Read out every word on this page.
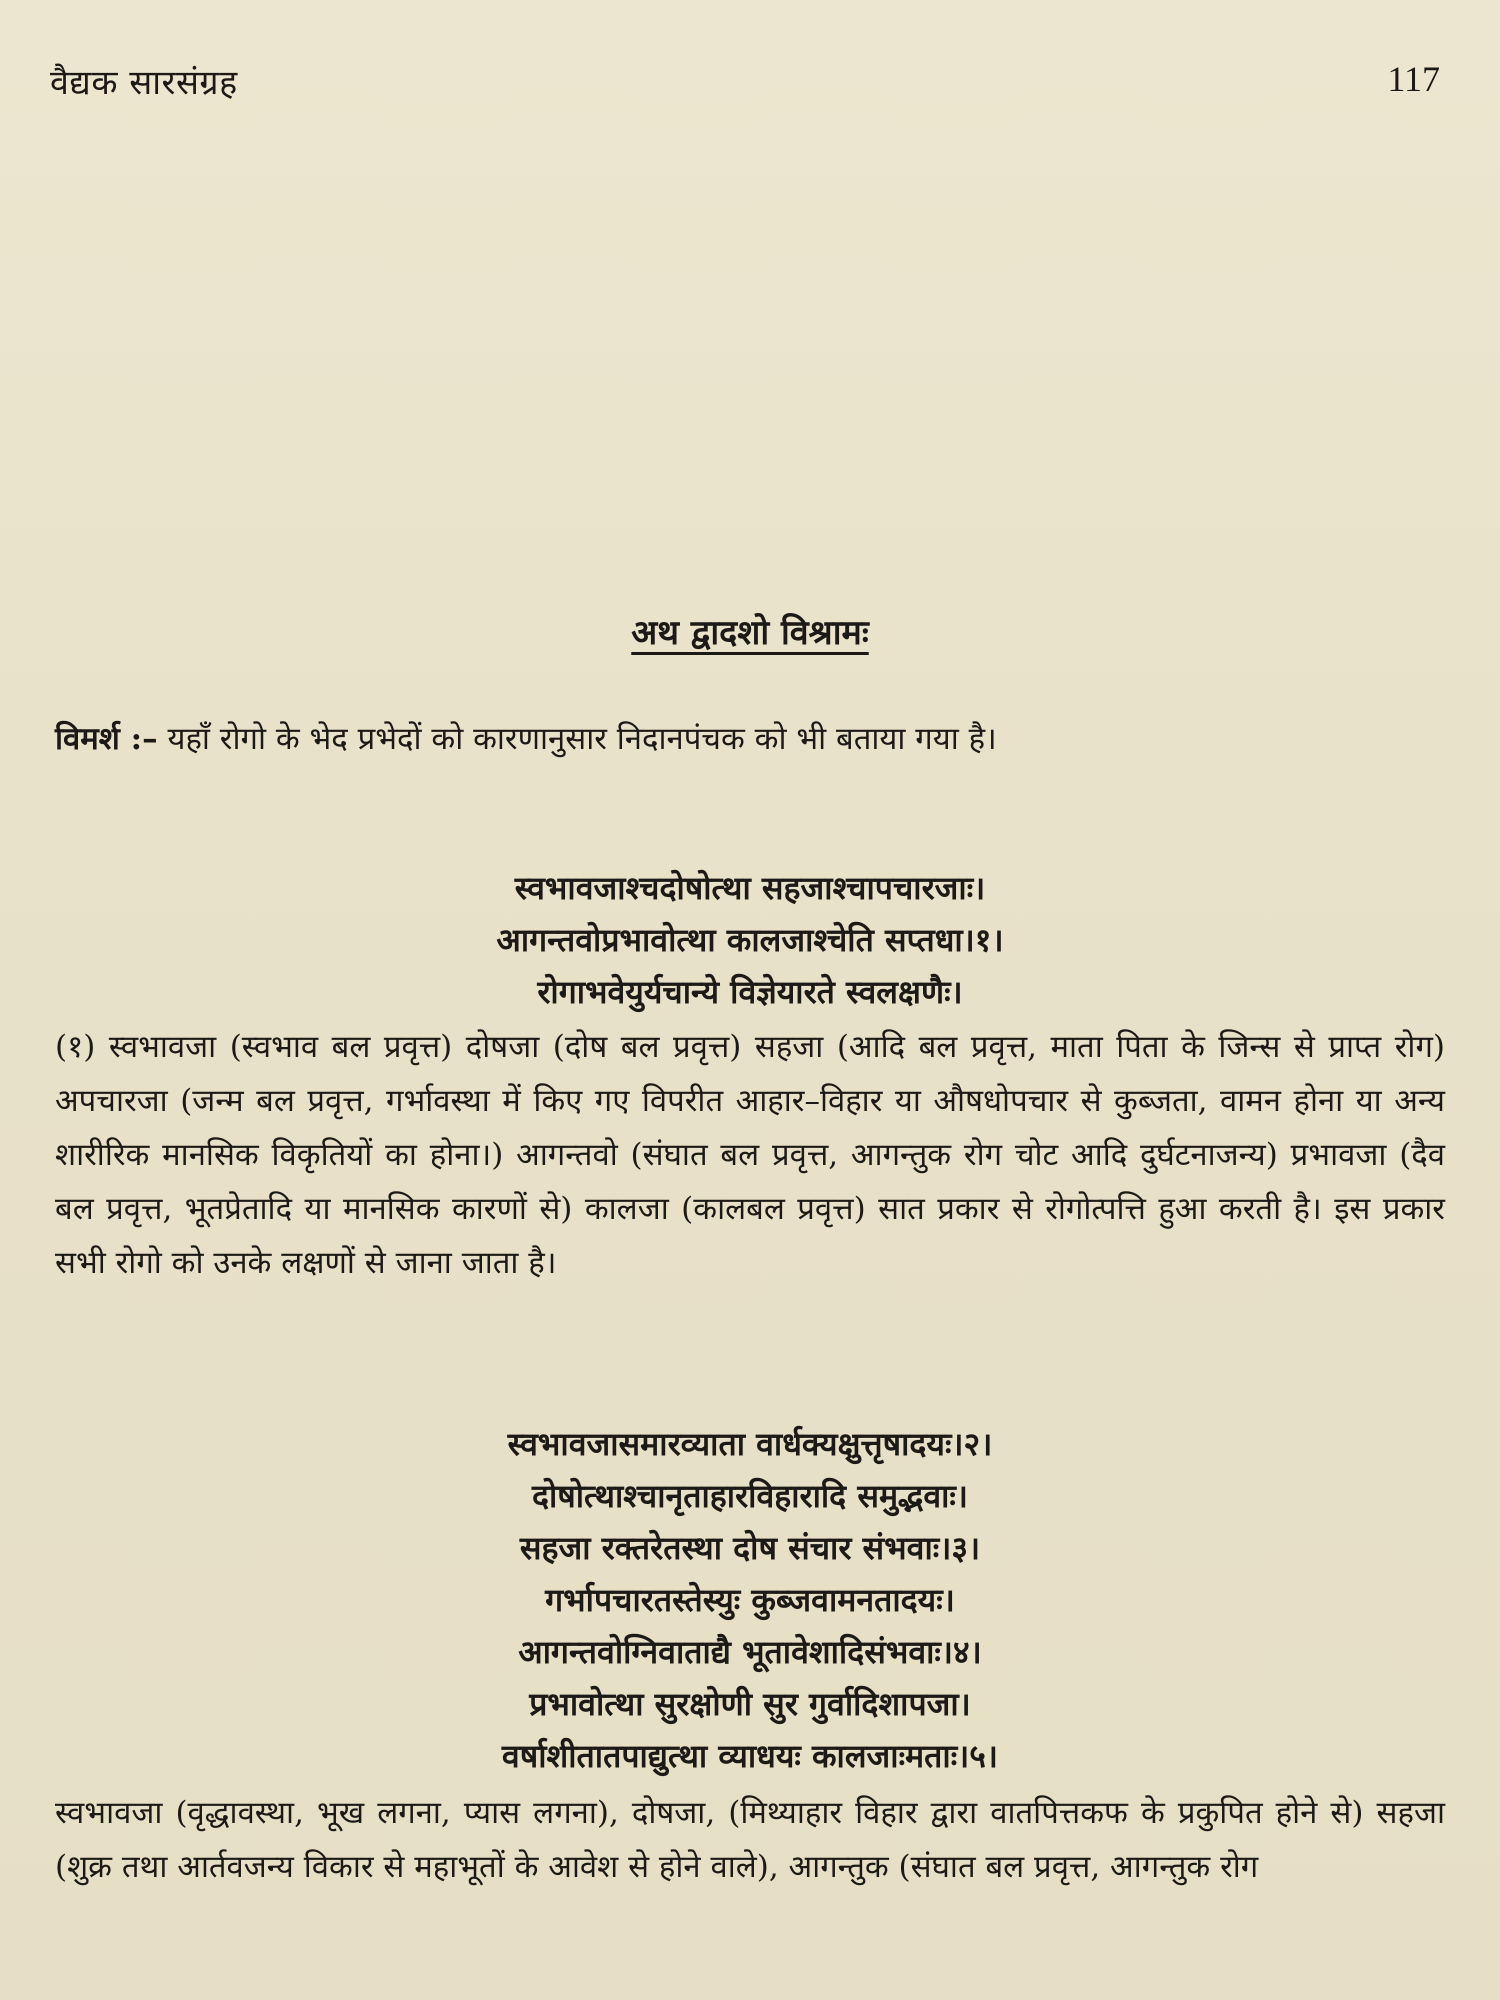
वैद्यक सारसंग्रह	117
अथ द्वादशो विश्रामः
विमर्श :– यहाँ रोगो के भेद प्रभेदों को कारणानुसार निदानपंचक को भी बताया गया है।
स्वभावजाश्चदोषोत्था सहजाश्चापचारजाः।
आगन्तवोप्रभावोत्था कालजाश्चेति सप्तधा।१।
रोगाभवेयुर्यचान्ये विज्ञेयारते स्वलक्षणैः।
(१) स्वभावजा (स्वभाव बल प्रवृत्त) दोषजा (दोष बल प्रवृत्त) सहजा (आदि बल प्रवृत्त, माता पिता के जिन्स से प्राप्त रोग) अपचारजा (जन्म बल प्रवृत्त, गर्भावस्था में किए गए विपरीत आहार–विहार या औषधोपचार से कुब्जता, वामन होना या अन्य शारीरिक मानसिक विकृतियों का होना।) आगन्तवो (संघात बल प्रवृत्त, आगन्तुक रोग चोट आदि दुर्घटनाजन्य) प्रभावजा (दैव बल प्रवृत्त, भूतप्रेतादि या मानसिक कारणों से) कालजा (कालबल प्रवृत्त) सात प्रकार से रोगोत्पत्ति हुआ करती है। इस प्रकार सभी रोगो को उनके लक्षणों से जाना जाता है।
स्वभावजासमारव्याता वार्धक्यक्षुत्तृषादयः।२।
दोषोत्थाश्चानृताहारविहारादि समुद्भवाः।
सहजा रक्तरेतस्था दोष संचार संभवाः।३।
गर्भापचारतस्तेस्युः कुब्जवामनतादयः।
आगन्तवोग्निवाताद्यै भूतावेशादिसंभवाः।४।
प्रभावोत्था सुरक्षोणी सुर गुर्वादिशापजा।
वर्षाशीतातपाद्युत्था व्याधयः कालजाःमताः।५।
स्वभावजा (वृद्धावस्था, भूख लगना, प्यास लगना), दोषजा, (मिथ्याहार विहार द्वारा वातपित्तकफ के प्रकुपित होने से) सहजा (शुक्र तथा आर्तवजन्य विकार से महाभूतों के आवेश से होने वाले), आगन्तुक (संघात बल प्रवृत्त, आगन्तुक रोग
